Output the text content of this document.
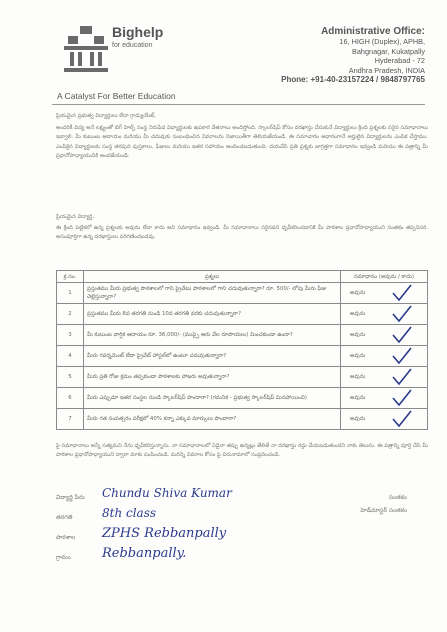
Bighelp
for education
A Catalyst For Better Education
Administrative Office:
16, HIGH (Duplex), APHB,
Bahgnagar, Kukatpally
Hyderabad - 72
Andhra Pradesh, INDIA
Phone: +91-40-23157224 / 9848797765
ప్రియమైన ప్రభుత్వ విద్యార్థులు లేదా గ్రాడ్యుయేట్,
అందరికీ విద్య అనే లక్ష్యంతో బిగ్ హెల్ప్ సంస్థ నిరుపేద విద్యార్థులకు ఉపకార వేతనాలు అందిస్తోంది. స్కాలర్‌షిప్ కోసం దరఖాస్తు చేసుకునే విద్యార్థులు క్రింది ప్రశ్నలకు సరైన సమాధానాలు ఇవ్వాలి. మీ కుటుంబ ఆదాయం మరియు మీ చదువుకు సంబంధించిన వివరాలను నిజాయితీగా తెలియజేయండి. ఈ సమాచారం ఆధారంగానే అర్హులైన విద్యార్థులను ఎంపిక చేస్తాము. ఎంపికైన విద్యార్థులకు సంస్థ తరపున పుస్తకాలు, ఫీజులు మరియు ఇతర సహాయం అందించబడుతుంది. దయచేసి ప్రతి ప్రశ్నకు జాగ్రత్తగా సమాధానం ఇవ్వండి మరియు ఈ పత్రాన్ని మీ ప్రధానోపాధ్యాయునికి అందజేయండి.
ప్రియమైన విద్యార్థి,
ఈ క్రింది పట్టికలో ఉన్న ప్రశ్నలకు అవును లేదా కాదు అని సమాధానం ఇవ్వండి. మీ సమాధానాలు సరైనవని ధృవీకరించడానికి మీ పాఠశాల ప్రధానోపాధ్యాయుని సంతకం తప్పనిసరి. అసంపూర్తిగా ఉన్న దరఖాస్తులు పరిగణించబడవు.
క్ర.సం.	ప్రశ్నలు	సమాధానం (అవును / కాదు)
1	ప్రస్తుతము మీరు ప్రభుత్వ పాఠశాలలో గాని ప్రైవేటు పాఠశాలలో గాని చదువుతున్నారా? రూ. 500/- లోపు మీరు ఫీజు చెల్లిస్తున్నారా?	అవును

2	ప్రస్తుతము మీరు 8వ తరగతి నుండి 10వ తరగతి వరకు చదువుతున్నారా?	అవును

3	మీ కుటుంబ వార్షిక ఆదాయం రూ. 36,000/- (ముప్పై ఆరు వేల రూపాయలు) మించకుండా ఉందా?	అవును

4	మీరు గవర్నమెంట్ లేదా ప్రైవేట్ హాస్టల్‌లో ఉంటూ చదువుతున్నారా?	అవును

5	మీరు ప్రతి రోజు క్రమం తప్పకుండా పాఠశాలకు హాజరు అవుతున్నారా?	అవును

6	మీరు ఎప్పుడూ ఇతర సంస్థల నుండి స్కాలర్‌షిప్ పొందారా? (గమనిక - ప్రభుత్వ స్కాలర్‌షిప్ మినహాయించి)	అవును

7	మీరు గత సంవత్సరం పరీక్షలో 40% కన్నా ఎక్కువ మార్కులు పొందారా?	అవును
పై సమాధానాలు అన్నీ సత్యమని నేను ధృవీకరిస్తున్నాను. నా సమాధానాలలో ఏదైనా తప్పు ఉన్నట్లు తేలితే నా దరఖాస్తు రద్దు చేయబడుతుందని నాకు తెలుసు. ఈ పత్రాన్ని పూర్తి చేసి మీ పాఠశాల ప్రధానోపాధ్యాయుని ద్వారా మాకు పంపించండి. మరిన్ని వివరాల కోసం పై చిరునామాలో సంప్రదించండి.
విద్యార్థి పేరు Chundu Shiva Kumar
తరగతి 8th class
పాఠశాల ZPHS Rebbanpally
గ్రామం Rebbanpally.
సంతకం
హెడ్‌మాస్టర్ సంతకం
